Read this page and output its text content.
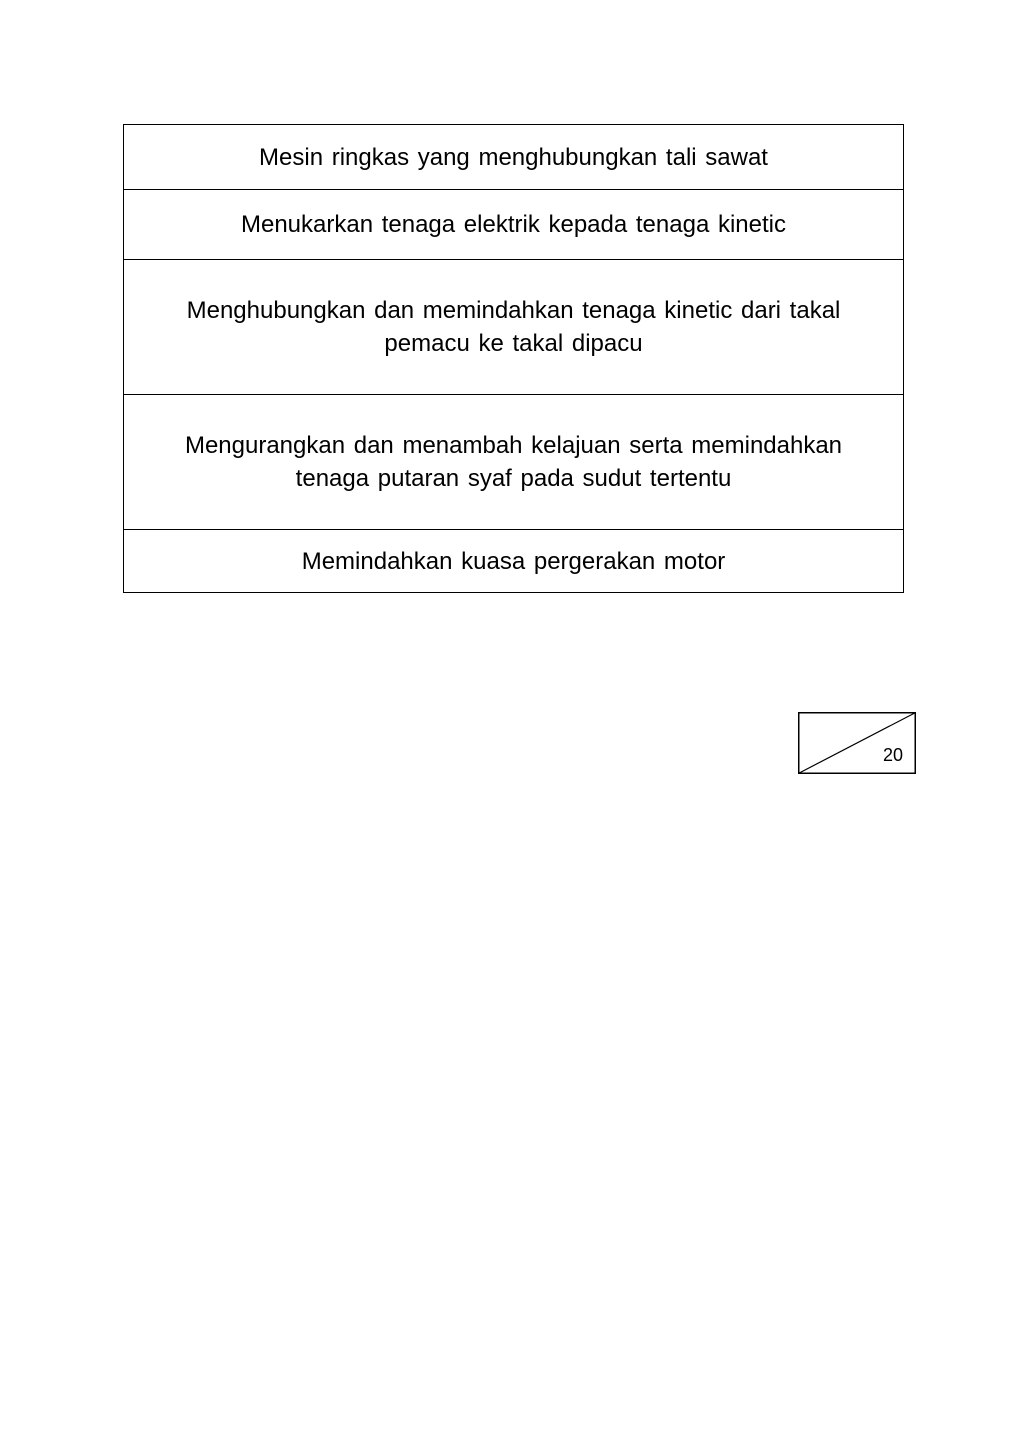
Mesin ringkas yang menghubungkan tali sawat
Menukarkan tenaga elektrik kepada tenaga kinetic
Menghubungkan dan memindahkan tenaga kinetic dari takal pemacu ke takal dipacu
Mengurangkan dan menambah kelajuan serta memindahkan tenaga putaran syaf pada sudut tertentu
Memindahkan kuasa pergerakan motor
20
